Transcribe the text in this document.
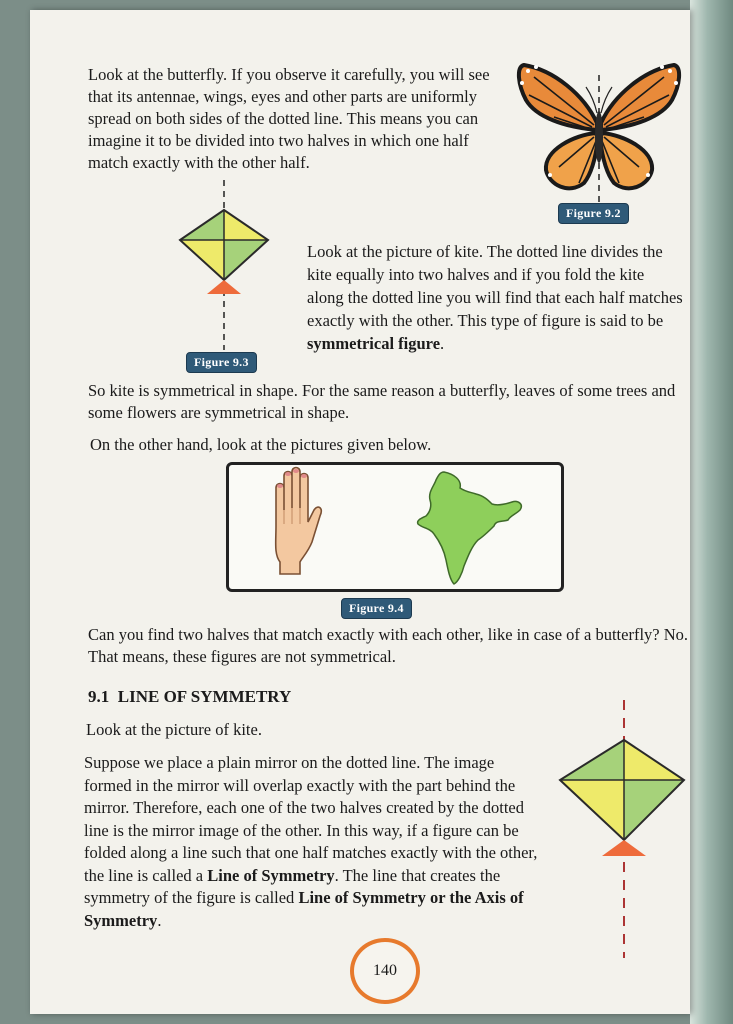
Look at the butterfly. If you observe it carefully, you will see that its antennae, wings, eyes and other parts are uniformly spread on both sides of the dotted line. This means you can imagine it to be divided into two halves in which one half match exactly with the other half.

Figure 9.2
Figure 9.3

Look at the picture of kite. The dotted line divides the kite equally into two halves and if you fold the kite along the dotted line you will find that each half matches exactly with the other. This type of figure is said to be symmetrical figure.

So kite is symmetrical in shape. For the same reason a butterfly, leaves of some trees and some flowers are symmetrical in shape.

On the other hand, look at the pictures given below.

Figure 9.4

Can you find two halves that match exactly with each other, like in case of a butterfly? No. That means, these figures are not symmetrical.

9.1 LINE OF SYMMETRY

Look at the picture of kite.

Suppose we place a plain mirror on the dotted line. The image formed in the mirror will overlap exactly with the part behind the mirror. Therefore, each one of the two halves created by the dotted line is the mirror image of the other. In this way, if a figure can be folded along a line such that one half matches exactly with the other, the line is called a Line of Symmetry. The line that creates the symmetry of the figure is called Line of Symmetry or the Axis of Symmetry.

140
